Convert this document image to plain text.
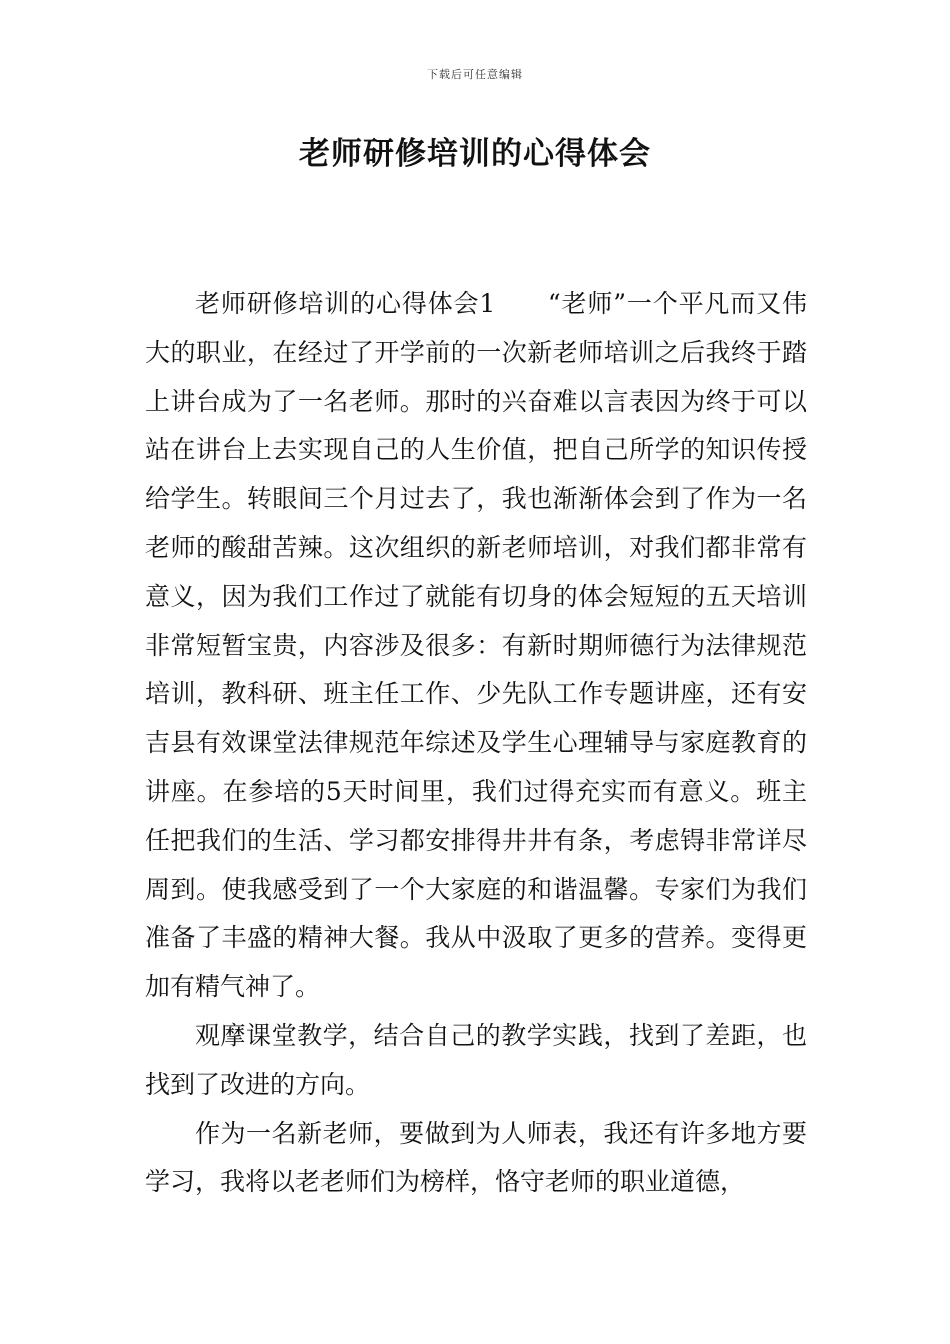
下载后可任意编辑
老师研修培训的心得体会

老师研修培训的心得体会1　　“老师”一个平凡而又伟大的职业，在经过了开学前的一次新老师培训之后我终于踏上讲台成为了一名老师。那时的兴奋难以言表因为终于可以站在讲台上去实现自己的人生价值，把自己所学的知识传授给学生。转眼间三个月过去了，我也渐渐体会到了作为一名老师的酸甜苦辣。这次组织的新老师培训，对我们都非常有意义，因为我们工作过了就能有切身的体会短短的五天培训非常短暂宝贵，内容涉及很多：有新时期师德行为法律规范培训，教科研、班主任工作、少先队工作专题讲座，还有安吉县有效课堂法律规范年综述及学生心理辅导与家庭教育的讲座。在参培的5天时间里，我们过得充实而有意义。班主任把我们的生活、学习都安排得井井有条，考虑锝非常详尽周到。使我感受到了一个大家庭的和谐温馨。专家们为我们准备了丰盛的精神大餐。我从中汲取了更多的营养。变得更加有精气神了。

观摩课堂教学，结合自己的教学实践，找到了差距，也找到了改进的方向。

作为一名新老师，要做到为人师表，我还有许多地方要学习，我将以老老师们为榜样，恪守老师的职业道德，
